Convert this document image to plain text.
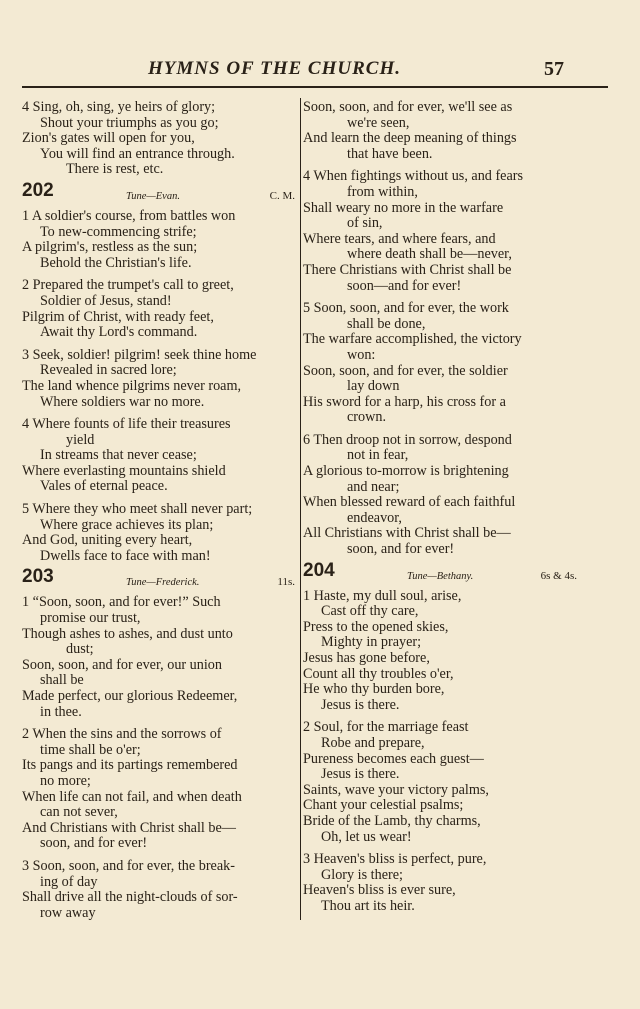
HYMNS OF THE CHURCH.	57
4 Sing, oh, sing, ye heirs of glory;
Shout your triumphs as you go;
Zion's gates will open for you,
You will find an entrance through.
There is rest, etc.
202	Tune—Evan.	C. M.
1 A soldier's course, from battles won
To new-commencing strife;
A pilgrim's, restless as the sun;
Behold the Christian's life.
2 Prepared the trumpet's call to greet,
Soldier of Jesus, stand!
Pilgrim of Christ, with ready feet,
Await thy Lord's command.
3 Seek, soldier! pilgrim! seek thine home
Revealed in sacred lore;
The land whence pilgrims never roam,
Where soldiers war no more.
4 Where founts of life their treasures
yield
In streams that never cease;
Where everlasting mountains shield
Vales of eternal peace.
5 Where they who meet shall never part;
Where grace achieves its plan;
And God, uniting every heart,
Dwells face to face with man!
203	Tune—Frederick.	11s.
1 “Soon, soon, and for ever!” Such
promise our trust,
Though ashes to ashes, and dust unto
dust;
Soon, soon, and for ever, our union
shall be
Made perfect, our glorious Redeemer,
in thee.
2 When the sins and the sorrows of
time shall be o'er;
Its pangs and its partings remembered
no more;
When life can not fail, and when death
can not sever,
And Christians with Christ shall be—
soon, and for ever!
3 Soon, soon, and for ever, the break-
ing of day
Shall drive all the night-clouds of sor-
row away
Soon, soon, and for ever, we'll see as
we're seen,
And learn the deep meaning of things
that have been.
4 When fightings without us, and fears
from within,
Shall weary no more in the warfare
of sin,
Where tears, and where fears, and
where death shall be—never,
There Christians with Christ shall be
soon—and for ever!
5 Soon, soon, and for ever, the work
shall be done,
The warfare accomplished, the victory
won:
Soon, soon, and for ever, the soldier
lay down
His sword for a harp, his cross for a
crown.
6 Then droop not in sorrow, despond
not in fear,
A glorious to-morrow is brightening
and near;
When blessed reward of each faithful
endeavor,
All Christians with Christ shall be—
soon, and for ever!
204	Tune—Bethany.	6s & 4s.
1 Haste, my dull soul, arise,
Cast off thy care,
Press to the opened skies,
Mighty in prayer;
Jesus has gone before,
Count all thy troubles o'er,
He who thy burden bore,
Jesus is there.
2 Soul, for the marriage feast
Robe and prepare,
Pureness becomes each guest—
Jesus is there.
Saints, wave your victory palms,
Chant your celestial psalms;
Bride of the Lamb, thy charms,
Oh, let us wear!
3 Heaven's bliss is perfect, pure,
Glory is there;
Heaven's bliss is ever sure,
Thou art its heir.
